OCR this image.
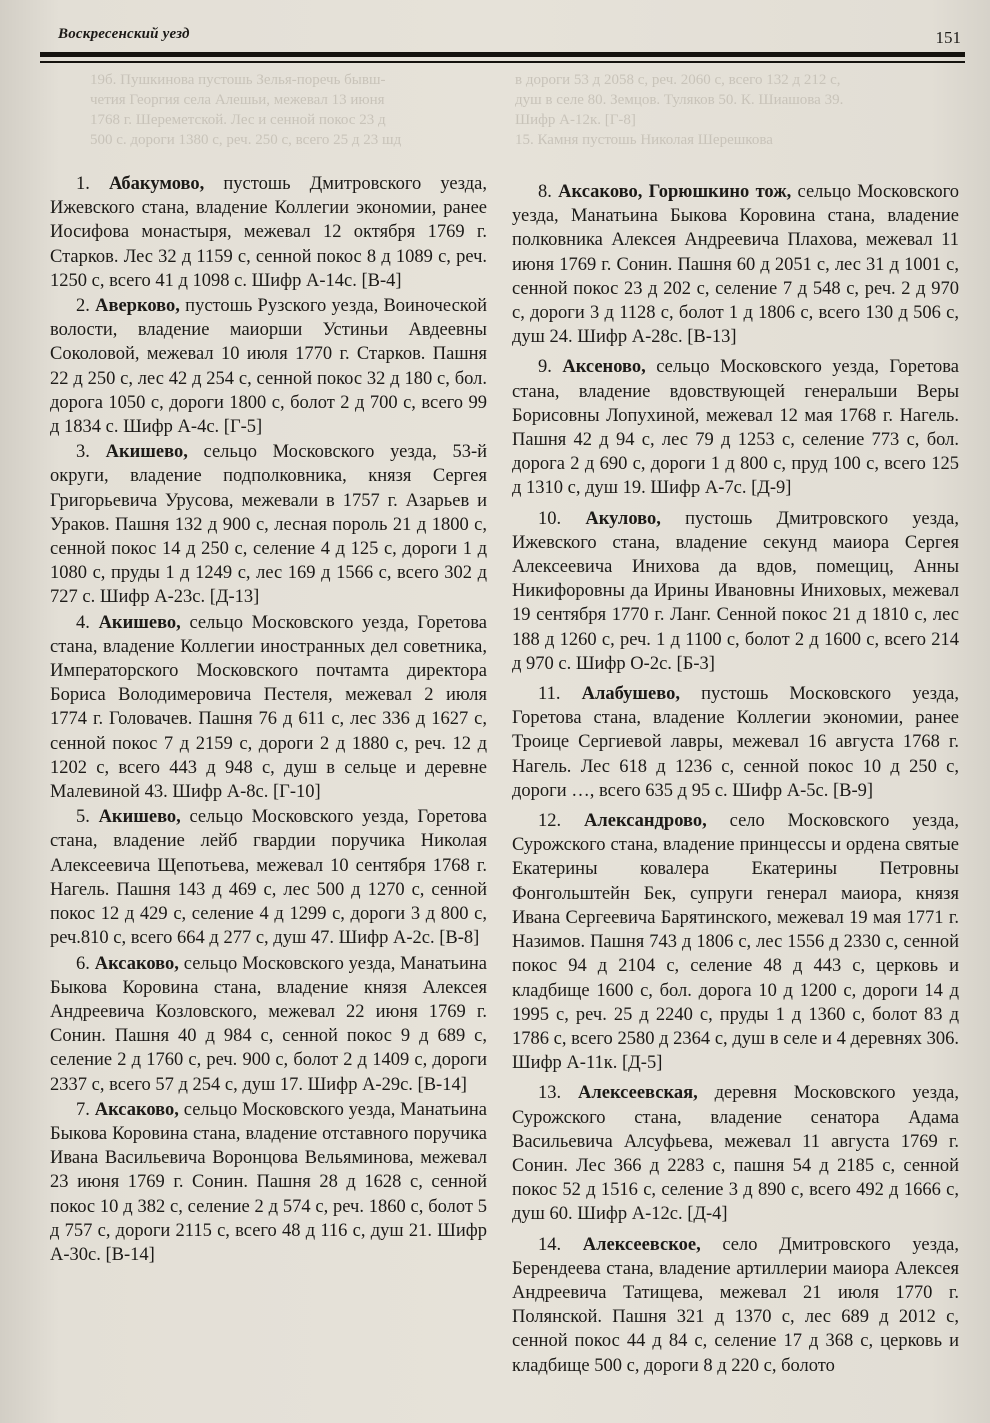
Воскресенский уезд	151
19б. Пушкинова пустошь Зелья-поречь бывш-
четия Георгия села Алешьи, межевал 13 июня
1768 г. Шереметской. Лес и сенной покос 23 д
500 с. дороги 1380 с, реч. 250 с, всего 25 д 23 шд
в дороги 53 д 2058 с, реч. 2060 с, всего 132 д 212 с,
душ в селе 80. Земцов. Туляков 50. К. Шиашова 39.
Шифр А-12к. [Г-8]
15. Камня пустошь Николая Шерешкова

1. Абакумово, пустошь Дмитровского уезда, Ижевского стана, владение Коллегии экономии, ранее Иосифова монастыря, межевал 12 октября 1769 г. Старков. Лес 32 д 1159 с, сенной покос 8 д 1089 с, реч. 1250 с, всего 41 д 1098 с. Шифр А-14с. [В-4]

2. Аверково, пустошь Рузского уезда, Воиноческой волости, владение маиорши Устиньи Авдеевны Соколовой, межевал 10 июля 1770 г. Старков. Пашня 22 д 250 с, лес 42 д 254 с, сенной покос 32 д 180 с, бол. дорога 1050 с, дороги 1800 с, болот 2 д 700 с, всего 99 д 1834 с. Шифр А-4с. [Г-5]

3. Акишево, сельцо Московского уезда, 53-й округи, владение подполковника, князя Сергея Григорьевича Урусова, межевали в 1757 г. Азарьев и Ураков. Пашня 132 д 900 с, лесная пороль 21 д 1800 с, сенной покос 14 д 250 с, селение 4 д 125 с, дороги 1 д 1080 с, пруды 1 д 1249 с, лес 169 д 1566 с, всего 302 д 727 с. Шифр А-23с. [Д-13]

4. Акишево, сельцо Московского уезда, Горетова стана, владение Коллегии иностранных дел советника, Императорского Московского почтамта директора Бориса Володимеровича Пестеля, межевал 2 июля 1774 г. Головачев. Пашня 76 д 611 с, лес 336 д 1627 с, сенной покос 7 д 2159 с, дороги 2 д 1880 с, реч. 12 д 1202 с, всего 443 д 948 с, душ в сельце и деревне Малевиной 43. Шифр А-8с. [Г-10]

5. Акишево, сельцо Московского уезда, Горетова стана, владение лейб гвардии поручика Николая Алексеевича Щепотьева, межевал 10 сентября 1768 г. Нагель. Пашня 143 д 469 с, лес 500 д 1270 с, сенной покос 12 д 429 с, селение 4 д 1299 с, дороги 3 д 800 с, реч.810 с, всего 664 д 277 с, душ 47. Шифр А-2с. [В-8]

6. Аксаково, сельцо Московского уезда, Манатьина Быкова Коровина стана, владение князя Алексея Андреевича Козловского, межевал 22 июня 1769 г. Сонин. Пашня 40 д 984 с, сенной покос 9 д 689 с, селение 2 д 1760 с, реч. 900 с, болот 2 д 1409 с, дороги 2337 с, всего 57 д 254 с, душ 17. Шифр А-29с. [В-14]

7. Аксаково, сельцо Московского уезда, Манатьина Быкова Коровина стана, владение отставного поручика Ивана Васильевича Воронцова Вельяминова, межевал 23 июня 1769 г. Сонин. Пашня 28 д 1628 с, сенной покос 10 д 382 с, селение 2 д 574 с, реч. 1860 с, болот 5 д 757 с, дороги 2115 с, всего 48 д 116 с, душ 21. Шифр А-30с. [В-14]

8. Аксаково, Горюшкино тож, сельцо Московского уезда, Манатьина Быкова Коровина стана, владение полковника Алексея Андреевича Плахова, межевал 11 июня 1769 г. Сонин. Пашня 60 д 2051 с, лес 31 д 1001 с, сенной покос 23 д 202 с, селение 7 д 548 с, реч. 2 д 970 с, дороги 3 д 1128 с, болот 1 д 1806 с, всего 130 д 506 с, душ 24. Шифр А-28с. [В-13]

9. Аксеново, сельцо Московского уезда, Горетова стана, владение вдовствующей генеральши Веры Борисовны Лопухиной, межевал 12 мая 1768 г. Нагель. Пашня 42 д 94 с, лес 79 д 1253 с, селение 773 с, бол. дорога 2 д 690 с, дороги 1 д 800 с, пруд 100 с, всего 125 д 1310 с, душ 19. Шифр А-7с. [Д-9]

10. Акулово, пустошь Дмитровского уезда, Ижевского стана, владение секунд маиора Сергея Алексеевича Инихова да вдов, помещиц, Анны Никифоровны да Ирины Ивановны Иниховых, межевал 19 сентября 1770 г. Ланг. Сенной покос 21 д 1810 с, лес 188 д 1260 с, реч. 1 д 1100 с, болот 2 д 1600 с, всего 214 д 970 с. Шифр О-2с. [Б-3]

11. Алабушево, пустошь Московского уезда, Горетова стана, владение Коллегии экономии, ранее Троице Сергиевой лавры, межевал 16 августа 1768 г. Нагель. Лес 618 д 1236 с, сенной покос 10 д 250 с, дороги …, всего 635 д 95 с. Шифр А-5с. [В-9]

12. Александрово, село Московского уезда, Сурожского стана, владение принцессы и ордена святые Екатерины ковалера Екатерины Петровны Фонгольштейн Бек, супруги генерал маиора, князя Ивана Сергеевича Барятинского, межевал 19 мая 1771 г. Назимов. Пашня 743 д 1806 с, лес 1556 д 2330 с, сенной покос 94 д 2104 с, селение 48 д 443 с, церковь и кладбище 1600 с, бол. дорога 10 д 1200 с, дороги 14 д 1995 с, реч. 25 д 2240 с, пруды 1 д 1360 с, болот 83 д 1786 с, всего 2580 д 2364 с, душ в селе и 4 деревнях 306. Шифр А-11к. [Д-5]

13. Алексеевская, деревня Московского уезда, Сурожского стана, владение сенатора Адама Васильевича Алсуфьева, межевал 11 августа 1769 г. Сонин. Лес 366 д 2283 с, пашня 54 д 2185 с, сенной покос 52 д 1516 с, селение 3 д 890 с, всего 492 д 1666 с, душ 60. Шифр А-12с. [Д-4]

14. Алексеевское, село Дмитровского уезда, Берендеева стана, владение артиллерии маиора Алексея Андреевича Татищева, межевал 21 июля 1770 г. Полянской. Пашня 321 д 1370 с, лес 689 д 2012 с, сенной покос 44 д 84 с, селение 17 д 368 с, церковь и кладбище 500 с, дороги 8 д 220 с, болото
